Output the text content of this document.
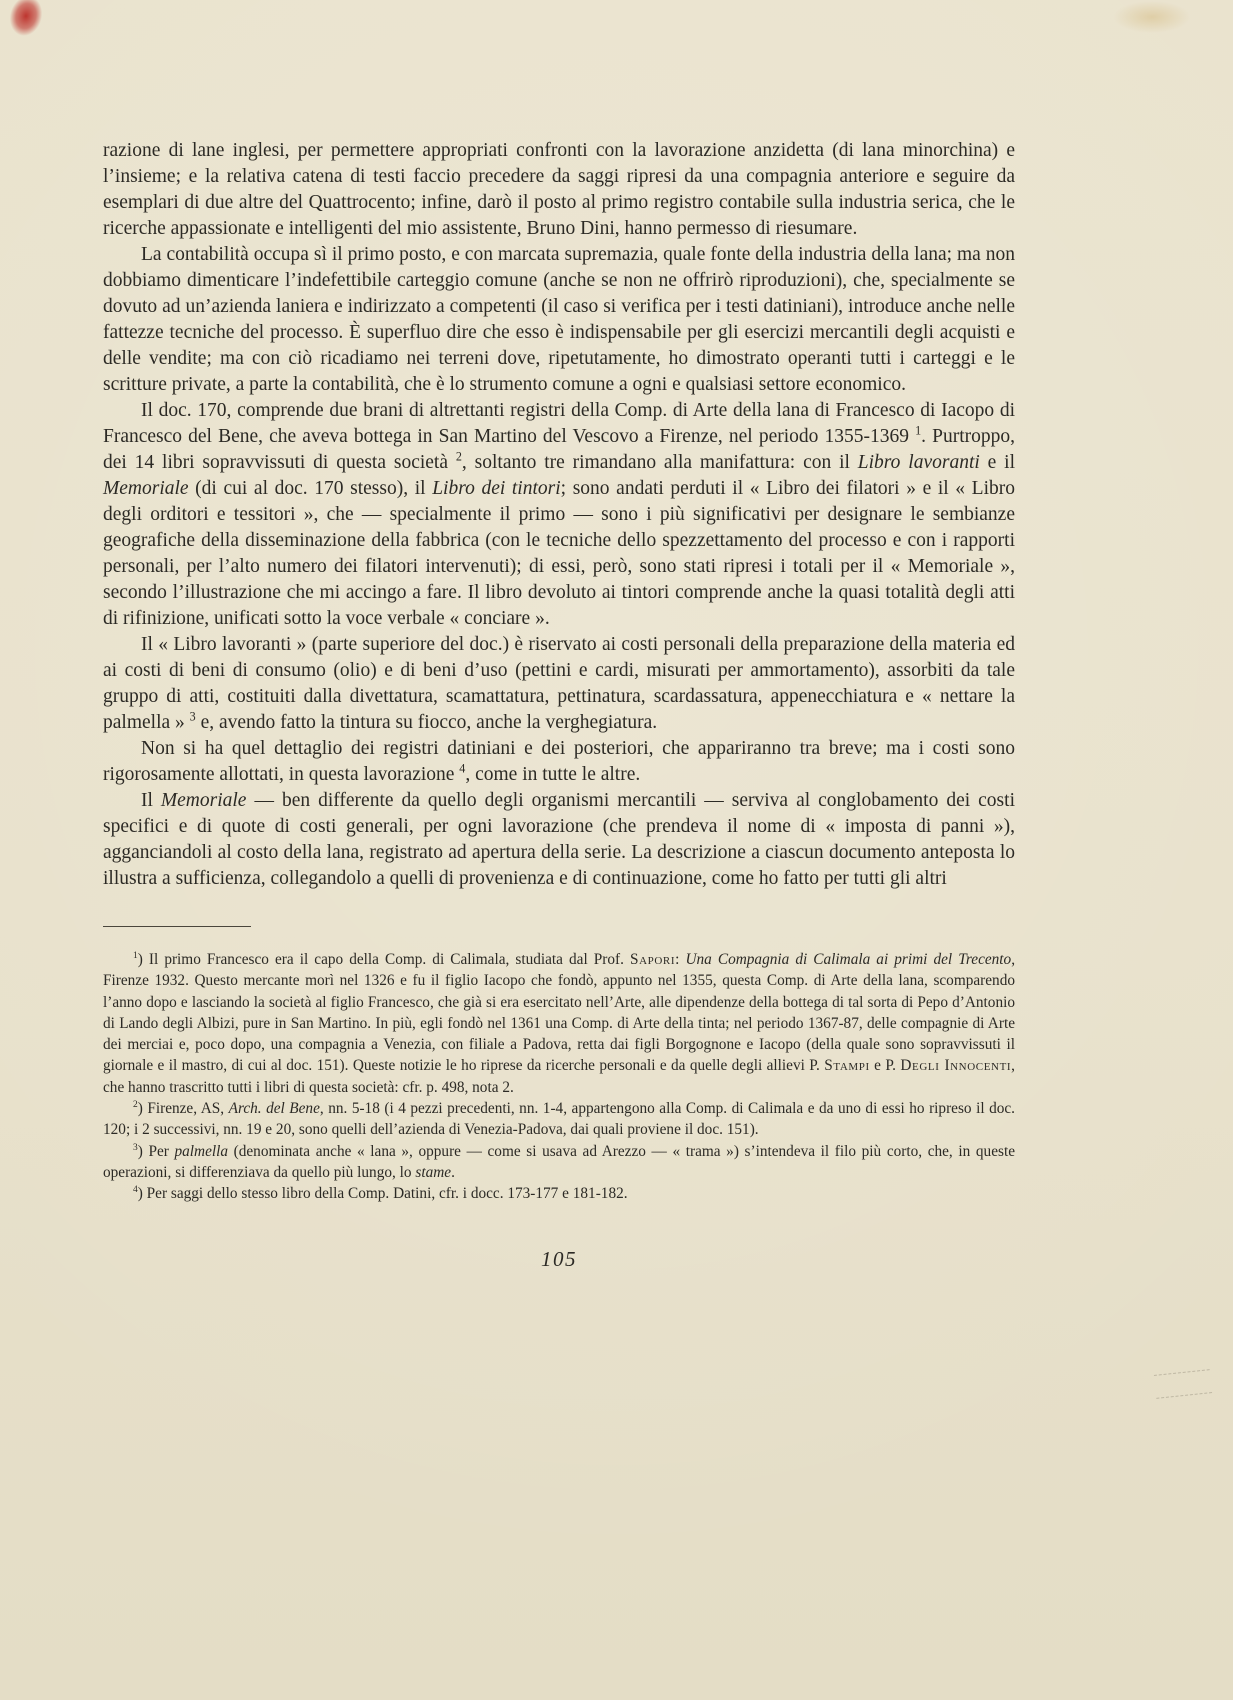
razione di lane inglesi, per permettere appropriati confronti con la lavorazione anzidetta (di lana minorchina) e l’insieme; e la relativa catena di testi faccio precedere da saggi ripresi da una compagnia anteriore e seguire da esemplari di due altre del Quattrocento; infine, darò il posto al primo registro contabile sulla industria serica, che le ricerche appassionate e intelligenti del mio assistente, Bruno Dini, hanno permesso di riesumare.

La contabilità occupa sì il primo posto, e con marcata supremazia, quale fonte della industria della lana; ma non dobbiamo dimenticare l’indefettibile carteggio comune (anche se non ne offrirò riproduzioni), che, specialmente se dovuto ad un’azienda laniera e indirizzato a competenti (il caso si verifica per i testi datiniani), introduce anche nelle fattezze tecniche del processo. È superfluo dire che esso è indispensabile per gli esercizi mercantili degli acquisti e delle vendite; ma con ciò ricadiamo nei terreni dove, ripetutamente, ho dimostrato operanti tutti i carteggi e le scritture private, a parte la contabilità, che è lo strumento comune a ogni e qualsiasi settore economico.

Il doc. 170, comprende due brani di altrettanti registri della Comp. di Arte della lana di Francesco di Iacopo di Francesco del Bene, che aveva bottega in San Martino del Vescovo a Firenze, nel periodo 1355-1369 $^1$. Purtroppo, dei 14 libri sopravvissuti di questa società $^2$, soltanto tre rimandano alla manifattura: con il Libro lavoranti e il Memoriale (di cui al doc. 170 stesso), il Libro dei tintori; sono andati perduti il « Libro dei filatori » e il « Libro degli orditori e tessitori », che — specialmente il primo — sono i più significativi per designare le sembianze geografiche della disseminazione della fabbrica (con le tecniche dello spezzettamento del processo e con i rapporti personali, per l’alto numero dei filatori intervenuti); di essi, però, sono stati ripresi i totali per il « Memoriale », secondo l’illustrazione che mi accingo a fare. Il libro devoluto ai tintori comprende anche la quasi totalità degli atti di rifinizione, unificati sotto la voce verbale « conciare ».

Il « Libro lavoranti » (parte superiore del doc.) è riservato ai costi personali della preparazione della materia ed ai costi di beni di consumo (olio) e di beni d’uso (pettini e cardi, misurati per ammortamento), assorbiti da tale gruppo di atti, costituiti dalla divettatura, scamattatura, pettinatura, scardassatura, appenecchiatura e « nettare la palmella » $^3$ e, avendo fatto la tintura su fiocco, anche la verghegiatura.

Non si ha quel dettaglio dei registri datiniani e dei posteriori, che appariranno tra breve; ma i costi sono rigorosamente allottati, in questa lavorazione $^4$, come in tutte le altre.

Il Memoriale — ben differente da quello degli organismi mercantili — serviva al conglobamento dei costi specifici e di quote di costi generali, per ogni lavorazione (che prendeva il nome di « imposta di panni »), agganciandoli al costo della lana, registrato ad apertura della serie. La descrizione a ciascun documento anteposta lo illustra a sufficienza, collegandolo a quelli di provenienza e di continuazione, come ho fatto per tutti gli altri

$^1$) Il primo Francesco era il capo della Comp. di Calimala, studiata dal Prof. Sapori: Una Compagnia di Calimala ai primi del Trecento, Firenze 1932. Questo mercante morì nel 1326 e fu il figlio Iacopo che fondò, appunto nel 1355, questa Comp. di Arte della lana, scomparendo l’anno dopo e lasciando la società al figlio Francesco, che già si era esercitato nell’Arte, alle dipendenze della bottega di tal sorta di Pepo d’Antonio di Lando degli Albizi, pure in San Martino. In più, egli fondò nel 1361 una Comp. di Arte della tinta; nel periodo 1367-87, delle compagnie di Arte dei merciai e, poco dopo, una compagnia a Venezia, con filiale a Padova, retta dai figli Borgognone e Iacopo (della quale sono sopravvissuti il giornale e il mastro, di cui al doc. 151). Queste notizie le ho riprese da ricerche personali e da quelle degli allievi P. Stampi e P. Degli Innocenti, che hanno trascritto tutti i libri di questa società: cfr. p. 498, nota 2.

$^2$) Firenze, AS, Arch. del Bene, nn. 5-18 (i 4 pezzi precedenti, nn. 1-4, appartengono alla Comp. di Calimala e da uno di essi ho ripreso il doc. 120; i 2 successivi, nn. 19 e 20, sono quelli dell’azienda di Venezia-Padova, dai quali proviene il doc. 151).

$^3$) Per palmella (denominata anche « lana », oppure — come si usava ad Arezzo — « trama ») s’intendeva il filo più corto, che, in queste operazioni, si differenziava da quello più lungo, lo stame.

$^4$) Per saggi dello stesso libro della Comp. Datini, cfr. i docc. 173-177 e 181-182.

105
